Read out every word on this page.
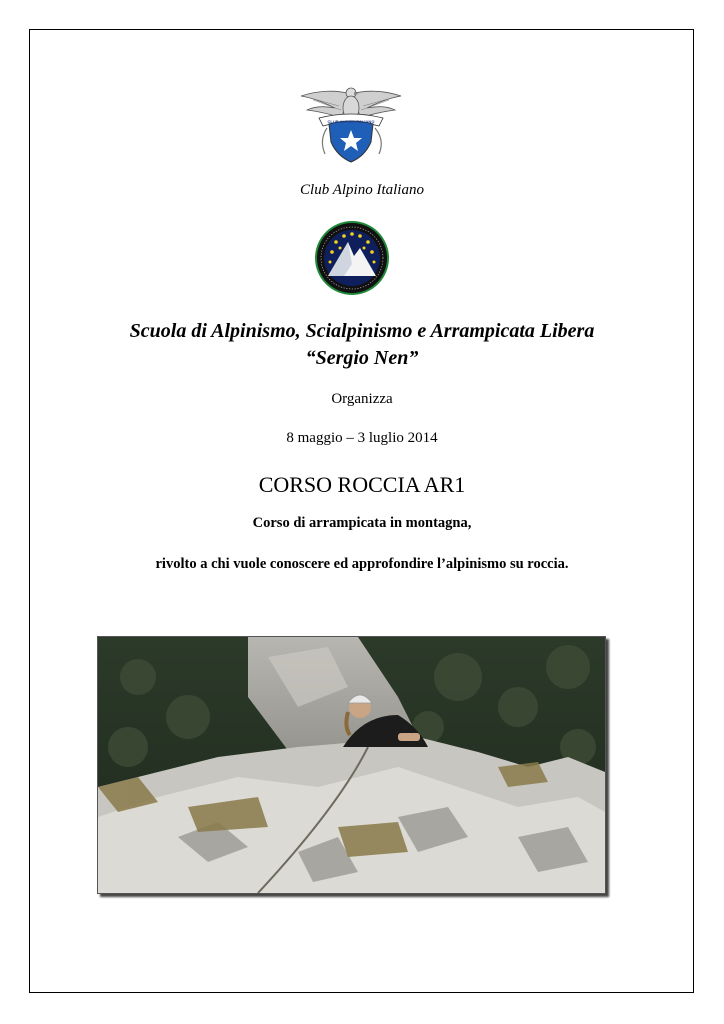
CLUB ALPINO ITALIANO
Club Alpino Italiano
Scuola di Alpinismo, Scialpinismo e Arrampicata Libera
“Sergio Nen”
Organizza
8 maggio – 3 luglio 2014
CORSO ROCCIA AR1
Corso di arrampicata in montagna,
rivolto a chi vuole conoscere ed approfondire l’alpinismo su roccia.
